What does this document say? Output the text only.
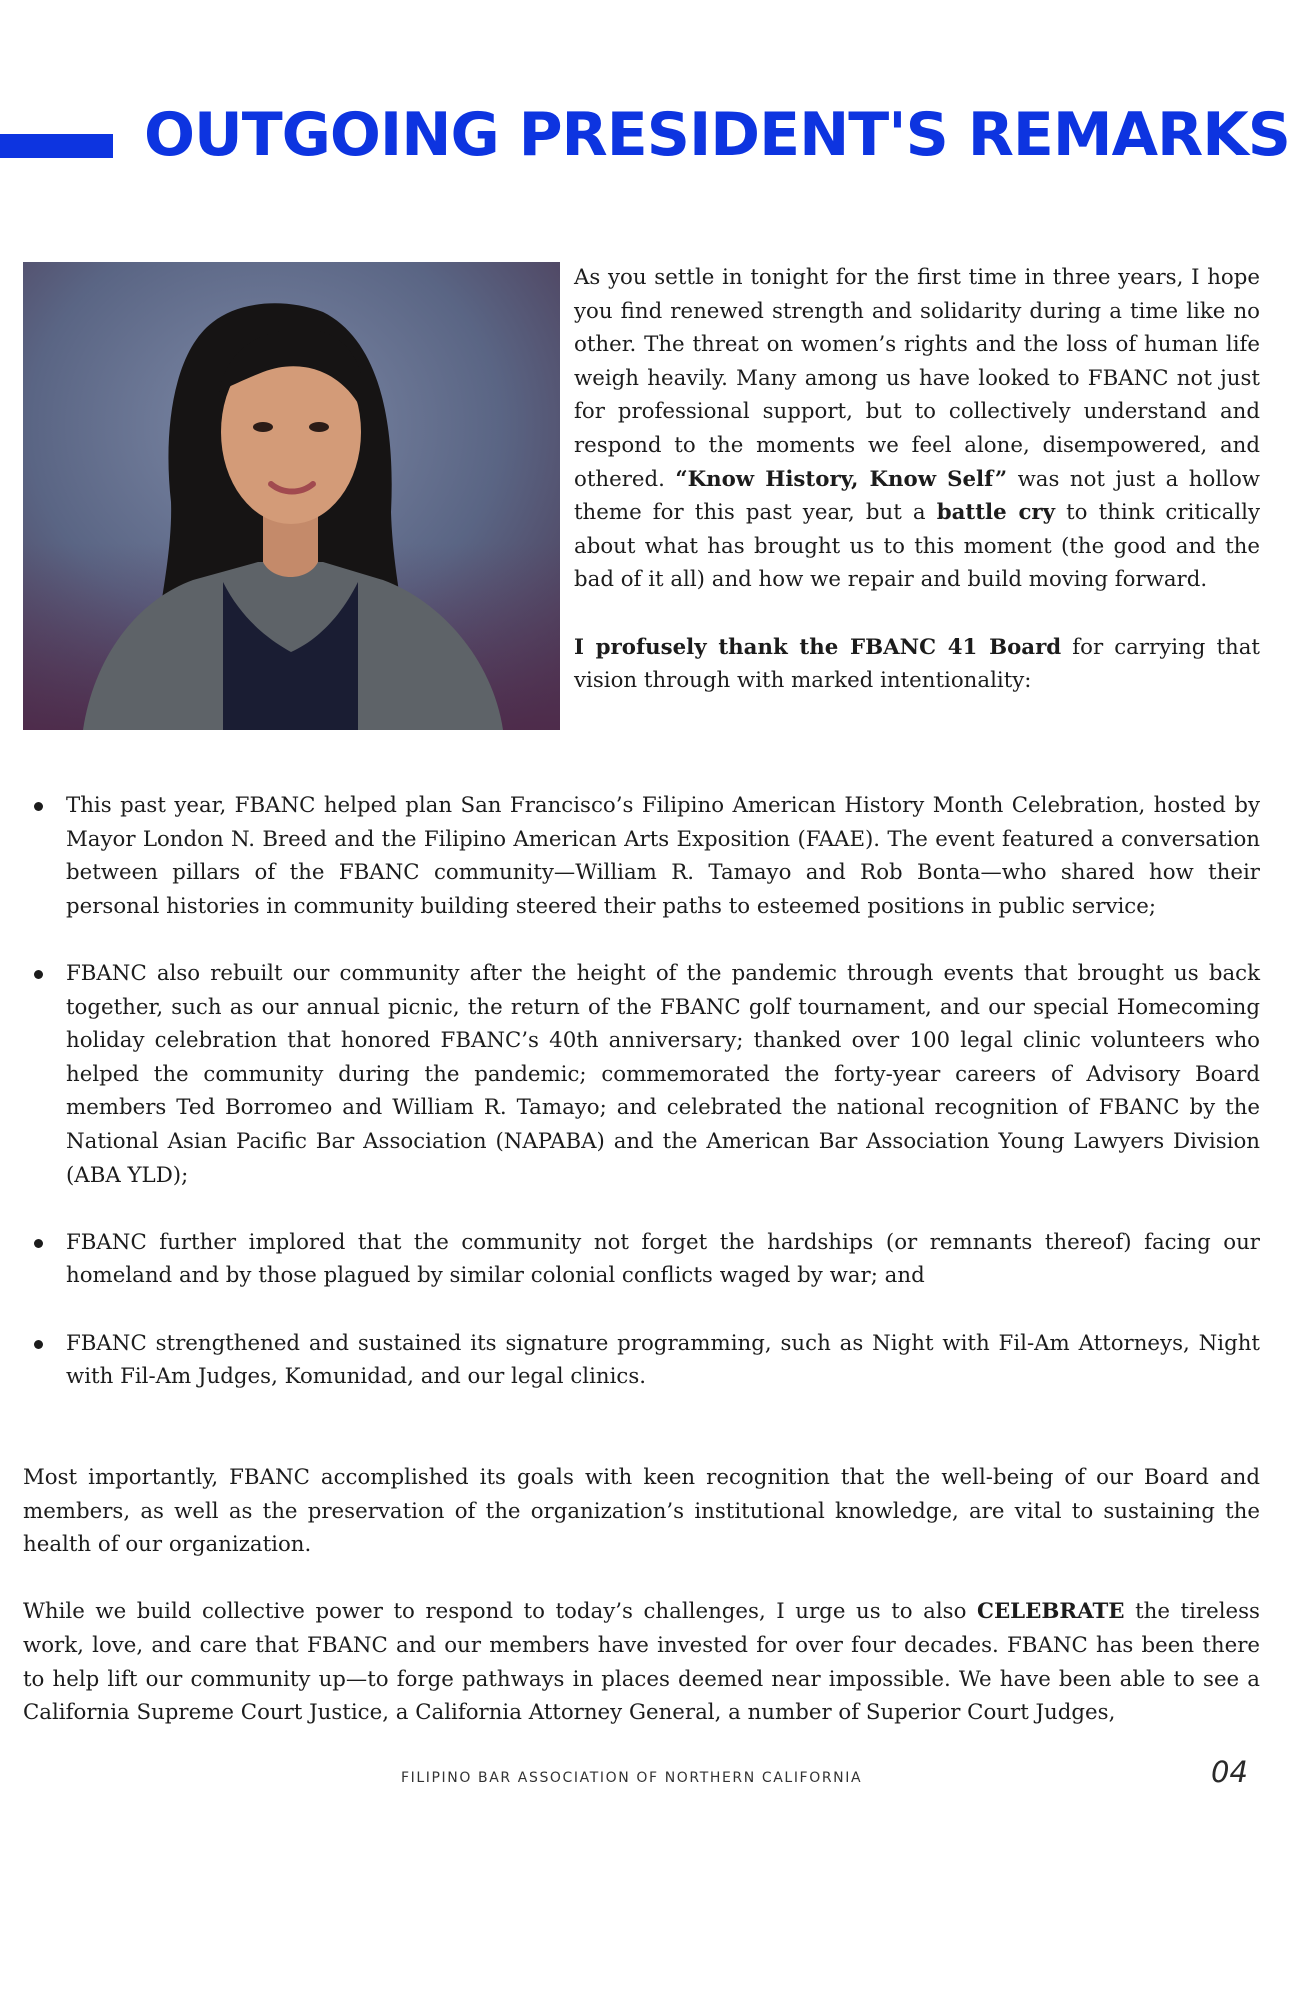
OUTGOING PRESIDENT'S REMARKS

As you settle in tonight for the first time in three years, I hope you find renewed strength and solidarity during a time like no other. The threat on women’s rights and the loss of human life weigh heavily. Many among us have looked to FBANC not just for professional support, but to collectively understand and respond to the moments we feel alone, disempowered, and othered. “Know History, Know Self” was not just a hollow theme for this past year, but a battle cry to think critically about what has brought us to this moment (the good and the bad of it all) and how we repair and build moving forward.

I profusely thank the FBANC 41 Board for carrying that vision through with marked intentionality:

This past year, FBANC helped plan San Francisco’s Filipino American History Month Celebration, hosted by Mayor London N. Breed and the Filipino American Arts Exposition (FAAE). The event featured a conversation between pillars of the FBANC community—William R. Tamayo and Rob Bonta—who shared how their personal histories in community building steered their paths to esteemed positions in public service;
FBANC also rebuilt our community after the height of the pandemic through events that brought us back together, such as our annual picnic, the return of the FBANC golf tournament, and our special Homecoming holiday celebration that honored FBANC’s 40th anniversary; thanked over 100 legal clinic volunteers who helped the community during the pandemic; commemorated the forty-year careers of Advisory Board members Ted Borromeo and William R. Tamayo; and celebrated the national recognition of FBANC by the National Asian Pacific Bar Association (NAPABA) and the American Bar Association Young Lawyers Division (ABA YLD);
FBANC further implored that the community not forget the hardships (or remnants thereof) facing our homeland and by those plagued by similar colonial conflicts waged by war; and
FBANC strengthened and sustained its signature programming, such as Night with Fil-Am Attorneys, Night with Fil-Am Judges, Komunidad, and our legal clinics.

Most importantly, FBANC accomplished its goals with keen recognition that the well-being of our Board and members, as well as the preservation of the organization’s institutional knowledge, are vital to sustaining the health of our organization.

While we build collective power to respond to today’s challenges, I urge us to also CELEBRATE the tireless work, love, and care that FBANC and our members have invested for over four decades. FBANC has been there to help lift our community up—to forge pathways in places deemed near impossible. We have been able to see a California Supreme Court Justice, a California Attorney General, a number of Superior Court Judges,

FILIPINO BAR ASSOCIATION OF NORTHERN CALIFORNIA	04
